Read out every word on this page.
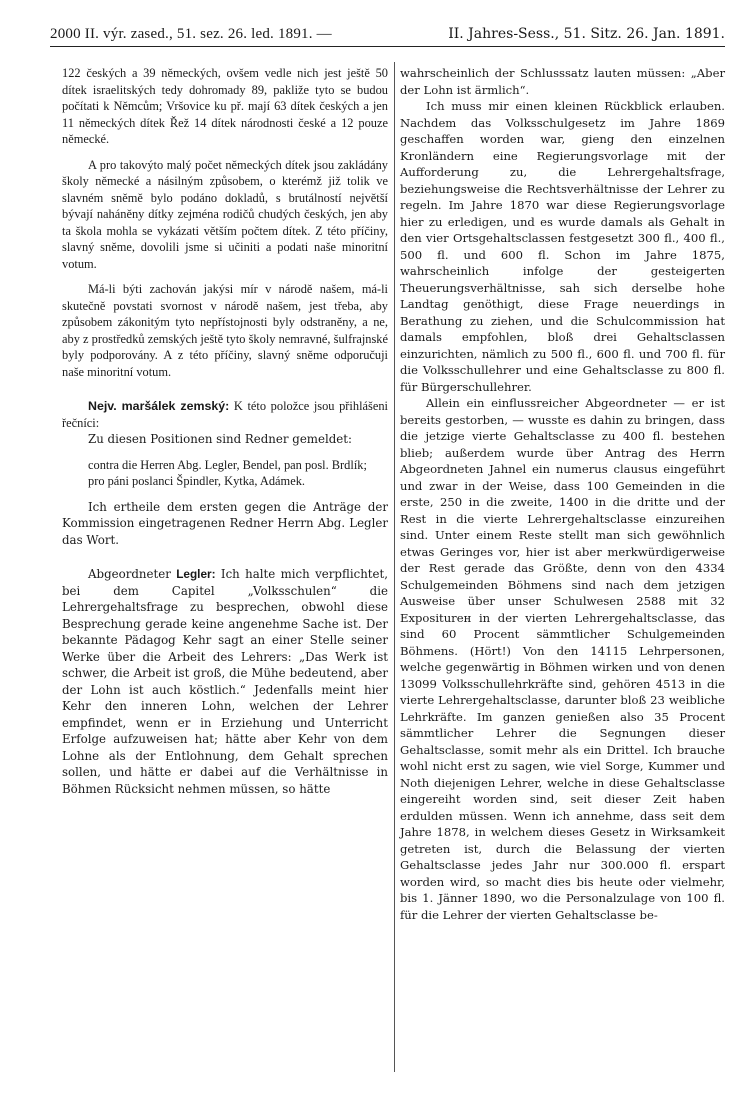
2000 II. výr. zased., 51. sez. 26. led. 1891. —	II. Jahres-Sess., 51. Sitz. 26. Jan. 1891.

122 českých a 39 německých, ovšem vedle nich jest ještě 50 dítek israelitských tedy dohromady 89, pakliže tyto se budou počítati k Němcům; Vršovice ku př. mají 63 dítek českých a jen 11 německých dítek Řež 14 dítek národnosti české a 12 pouze německé.

A pro takovýto malý počet německých dítek jsou zakládány školy německé a násilným způsobem, o kterémž již tolik ve slavném sněmě bylo podáno dokladů, s brutálností největší bývají naháněny dítky zejména rodičů chudých českých, jen aby ta škola mohla se vykázati větším počtem dítek. Z této příčiny, slavný sněme, dovolili jsme si učiniti a podati naše minoritní votum.

Má-li býti zachován jakýsi mír v národě našem, má-li skutečně povstati svornost v národě našem, jest třeba, aby způsobem zákonitým tyto nepřístojnosti byly odstraněny, a ne, aby z prostředků zemských ještě tyto školy nemravné, šulfrajnské byly podporovány. A z této příčiny, slavný sněme odporučuji naše minoritní votum.

Nejv. maršálek zemský: K této položce jsou přihlášeni řečníci:

Zu diesen Positionen sind Redner gemeldet:

contra die Herren Abg. Legler, Bendel, pan posl. Brdlík;

pro páni poslanci Špindler, Kytka, Adámek.

Ich ertheile dem ersten gegen die Anträge der Kommission eingetragenen Redner Herrn Abg. Legler das Wort.

Abgeordneter Legler: Ich halte mich verpflichtet, bei dem Capitel „Volksschulen“ die Lehrergehaltsfrage zu besprechen, obwohl diese Besprechung gerade keine angenehme Sache ist. Der bekannte Pädagog Kehr sagt an einer Stelle seiner Werke über die Arbeit des Lehrers: „Das Werk ist schwer, die Arbeit ist groß, die Mühe bedeutend, aber der Lohn ist auch köstlich.“ Jedenfalls meint hier Kehr den inneren Lohn, welchen der Lehrer empfindet, wenn er in Erziehung und Unterricht Erfolge aufzuweisen hat; hätte aber Kehr von dem Lohne als der Entlohnung, dem Gehalt sprechen sollen, und hätte er dabei auf die Verhältnisse in Böhmen Rücksicht nehmen müssen, so hätte

wahrscheinlich der Schlusssatz lauten müssen: „Aber der Lohn ist ärmlich“.

Ich muss mir einen kleinen Rückblick erlauben. Nachdem das Volksschulgesetz im Jahre 1869 geschaffen worden war, gieng den einzelnen Kronländern eine Regierungsvorlage mit der Aufforderung zu, die Lehrergehaltsfrage, beziehungsweise die Rechtsverhältnisse der Lehrer zu regeln. Im Jahre 1870 war diese Regierungsvorlage hier zu erledigen, und es wurde damals als Gehalt in den vier Ortsgehaltsclassen festgesetzt 300 fl., 400 fl., 500 fl. und 600 fl. Schon im Jahre 1875, wahrscheinlich infolge der gesteigerten Theuerungsverhältnisse, sah sich derselbe hohe Landtag genöthigt, diese Frage neuerdings in Berathung zu ziehen, und die Schulcommission hat damals empfohlen, bloß drei Gehaltsclassen einzurichten, nämlich zu 500 fl., 600 fl. und 700 fl. für die Volksschullehrer und eine Gehaltsclasse zu 800 fl. für Bürgerschullehrer.

Allein ein einflussreicher Abgeordneter — er ist bereits gestorben, — wusste es dahin zu bringen, dass die jetzige vierte Gehaltsclasse zu 400 fl. bestehen blieb; außerdem wurde über Antrag des Herrn Abgeordneten Jahnel ein numerus clausus eingeführt und zwar in der Weise, dass 100 Gemeinden in die erste, 250 in die zweite, 1400 in die dritte und der Rest in die vierte Lehrergehaltsclasse einzureihen sind. Unter einem Reste stellt man sich gewöhnlich etwas Geringes vor, hier ist aber merkwürdigerweise der Rest gerade das Größte, denn von den 4334 Schulgemeinden Böhmens sind nach dem jetzigen Ausweise über unser Schulwesen 2588 mit 32 Expositurен in der vierten Lehrergehaltsclasse, das sind 60 Procent sämmtlicher Schulgemeinden Böhmens. (Hört!) Von den 14115 Lehrpersonen, welche gegenwärtig in Böhmen wirken und von denen 13099 Volksschullehrkräfte sind, gehören 4513 in die vierte Lehrergehaltsclasse, darunter bloß 23 weibliche Lehrkräfte. Im ganzen genießen also 35 Procent sämmtlicher Lehrer die Segnungen dieser Gehaltsclasse, somit mehr als ein Drittel. Ich brauche wohl nicht erst zu sagen, wie viel Sorge, Kummer und Noth diejenigen Lehrer, welche in diese Gehaltsclasse eingereiht worden sind, seit dieser Zeit haben erdulden müssen. Wenn ich annehme, dass seit dem Jahre 1878, in welchem dieses Gesetz in Wirksamkeit getreten ist, durch die Belassung der vierten Gehaltsclasse jedes Jahr nur 300.000 fl. erspart worden wird, so macht dies bis heute oder vielmehr, bis 1. Jänner 1890, wo die Personalzulage von 100 fl. für die Lehrer der vierten Gehaltsclasse be-
